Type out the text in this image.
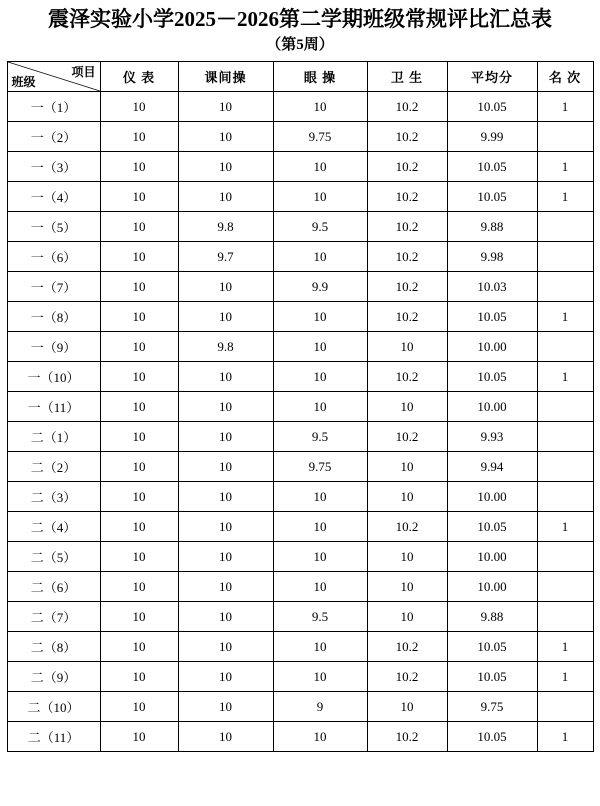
震泽实验小学2025－2026第二学期班级常规评比汇总表
（第5周）
项目
班级	仪 表	课间操	眼 操	卫 生	平均分	名 次
一（1）	10	10	10	10.2	10.05	1
一（2）	10	10	9.75	10.2	9.99	
一（3）	10	10	10	10.2	10.05	1
一（4）	10	10	10	10.2	10.05	1
一（5）	10	9.8	9.5	10.2	9.88	
一（6）	10	9.7	10	10.2	9.98	
一（7）	10	10	9.9	10.2	10.03	
一（8）	10	10	10	10.2	10.05	1
一（9）	10	9.8	10	10	10.00	
一（10）	10	10	10	10.2	10.05	1
一（11）	10	10	10	10	10.00	
二（1）	10	10	9.5	10.2	9.93	
二（2）	10	10	9.75	10	9.94	
二（3）	10	10	10	10	10.00	
二（4）	10	10	10	10.2	10.05	1
二（5）	10	10	10	10	10.00	
二（6）	10	10	10	10	10.00	
二（7）	10	10	9.5	10	9.88	
二（8）	10	10	10	10.2	10.05	1
二（9）	10	10	10	10.2	10.05	1
二（10）	10	10	9	10	9.75	
二（11）	10	10	10	10.2	10.05	1
